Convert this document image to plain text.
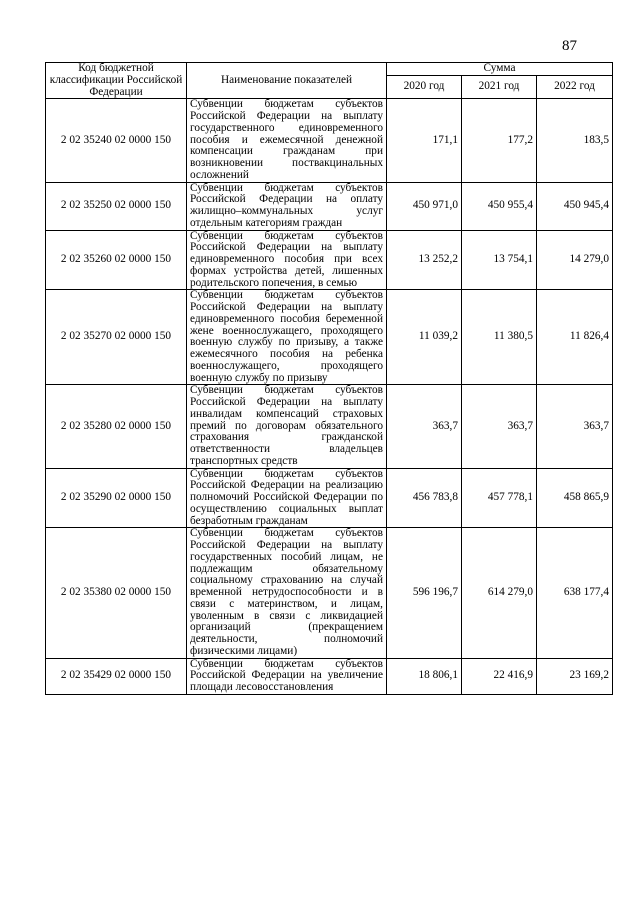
87
Код бюджетной классификации Российской Федерации	Наименование показателей	Сумма		
		2020 год	2021 год	2022 год
2 02 35240 02 0000 150	Субвенции бюджетам субъектов Российской Федерации на выплату государственного единовременного пособия и ежемесячной денежной компенсации гражданам при возникновении поствакцинальных осложнений	171,1	177,2	183,5
2 02 35250 02 0000 150	Субвенции бюджетам субъектов Российской Федерации на оплату жилищно–коммунальных услуг отдельным категориям граждан	450 971,0	450 955,4	450 945,4
2 02 35260 02 0000 150	Субвенции бюджетам субъектов Российской Федерации на выплату единовременного пособия при всех формах устройства детей, лишенных родительского попечения, в семью	13 252,2	13 754,1	14 279,0
2 02 35270 02 0000 150	Субвенции бюджетам субъектов Российской Федерации на выплату единовременного пособия беременной жене военнослужащего, проходящего военную службу по призыву, а также ежемесячного пособия на ребенка военнослужащего, проходящего военную службу по призыву	11 039,2	11 380,5	11 826,4
2 02 35280 02 0000 150	Субвенции бюджетам субъектов Российской Федерации на выплату инвалидам компенсаций страховых премий по договорам обязательного страхования гражданской ответственности владельцев транспортных средств	363,7	363,7	363,7
2 02 35290 02 0000 150	Субвенции бюджетам субъектов Российской Федерации на реализацию полномочий Российской Федерации по осуществлению социальных выплат безработным гражданам	456 783,8	457 778,1	458 865,9
2 02 35380 02 0000 150	Субвенции бюджетам субъектов Российской Федерации на выплату государственных пособий лицам, не подлежащим обязательному социальному страхованию на случай временной нетрудоспособности и в связи с материнством, и лицам, уволенным в связи с ликвидацией организаций (прекращением деятельности, полномочий физическими лицами)	596 196,7	614 279,0	638 177,4
2 02 35429 02 0000 150	Субвенции бюджетам субъектов Российской Федерации на увеличение площади лесовосстановления	18 806,1	22 416,9	23 169,2
